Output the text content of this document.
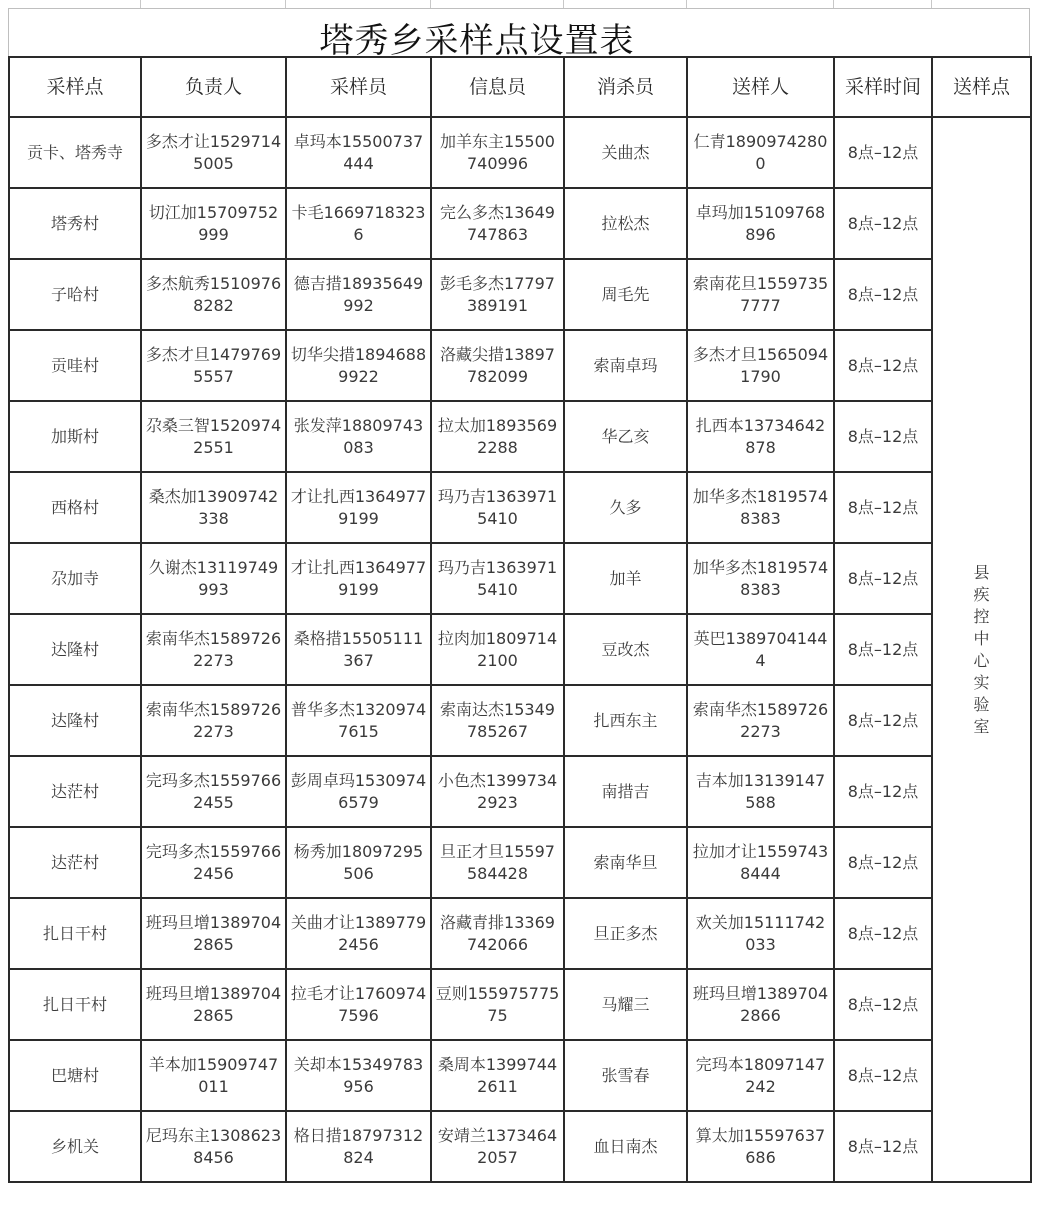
塔秀乡采样点设置表
采样点	负责人	采样员	信息员	消杀员	送样人	采样时间	送样点
贡卡、塔秀寺	多杰才让15297145005	卓玛本15500737444	加羊东主15500740996	关曲杰	仁青18909742800	8点–12点	县疾控中心实验室
塔秀村	切江加15709752999	卡毛16697183236	完么多杰13649747863	拉松杰	卓玛加15109768896	8点–12点	
子哈村	多杰航秀15109768282	德吉措18935649992	彭毛多杰17797389191	周毛先	索南花旦15597357777	8点–12点	
贡哇村	多杰才旦14797695557	切华尖措18946889922	洛藏尖措13897782099	索南卓玛	多杰才旦15650941790	8点–12点	
加斯村	尕桑三智15209742551	张发萍18809743083	拉太加18935692288	华乙亥	扎西本13734642878	8点–12点	
西格村	桑杰加13909742338	才让扎西13649779199	玛乃吉13639715410	久多	加华多杰18195748383	8点–12点	
尕加寺	久谢杰13119749993	才让扎西13649779199	玛乃吉13639715410	加羊	加华多杰18195748383	8点–12点	
达隆村	索南华杰15897262273	桑格措15505111367	拉肉加18097142100	豆改杰	英巴13897041444	8点–12点	
达隆村	索南华杰15897262273	普华多杰13209747615	索南达杰15349785267	扎西东主	索南华杰15897262273	8点–12点	
达茫村	完玛多杰15597662455	彭周卓玛15309746579	小色杰13997342923	南措吉	吉本加13139147588	8点–12点	
达茫村	完玛多杰15597662456	杨秀加18097295506	旦正才旦15597584428	索南华旦	拉加才让15597438444	8点–12点	
扎日干村	班玛旦增13897042865	关曲才让13897792456	洛藏青排13369742066	旦正多杰	欢关加15111742033	8点–12点	
扎日干村	班玛旦增13897042865	拉毛才让17609747596	豆则15597577575	马耀三	班玛旦增13897042866	8点–12点	
巴塘村	羊本加15909747011	关却本15349783956	桑周本13997442611	张雪春	完玛本18097147242	8点–12点	
乡机关	尼玛东主13086238456	格日措18797312824	安靖兰13734642057	血日南杰	算太加15597637686	8点–12点	
